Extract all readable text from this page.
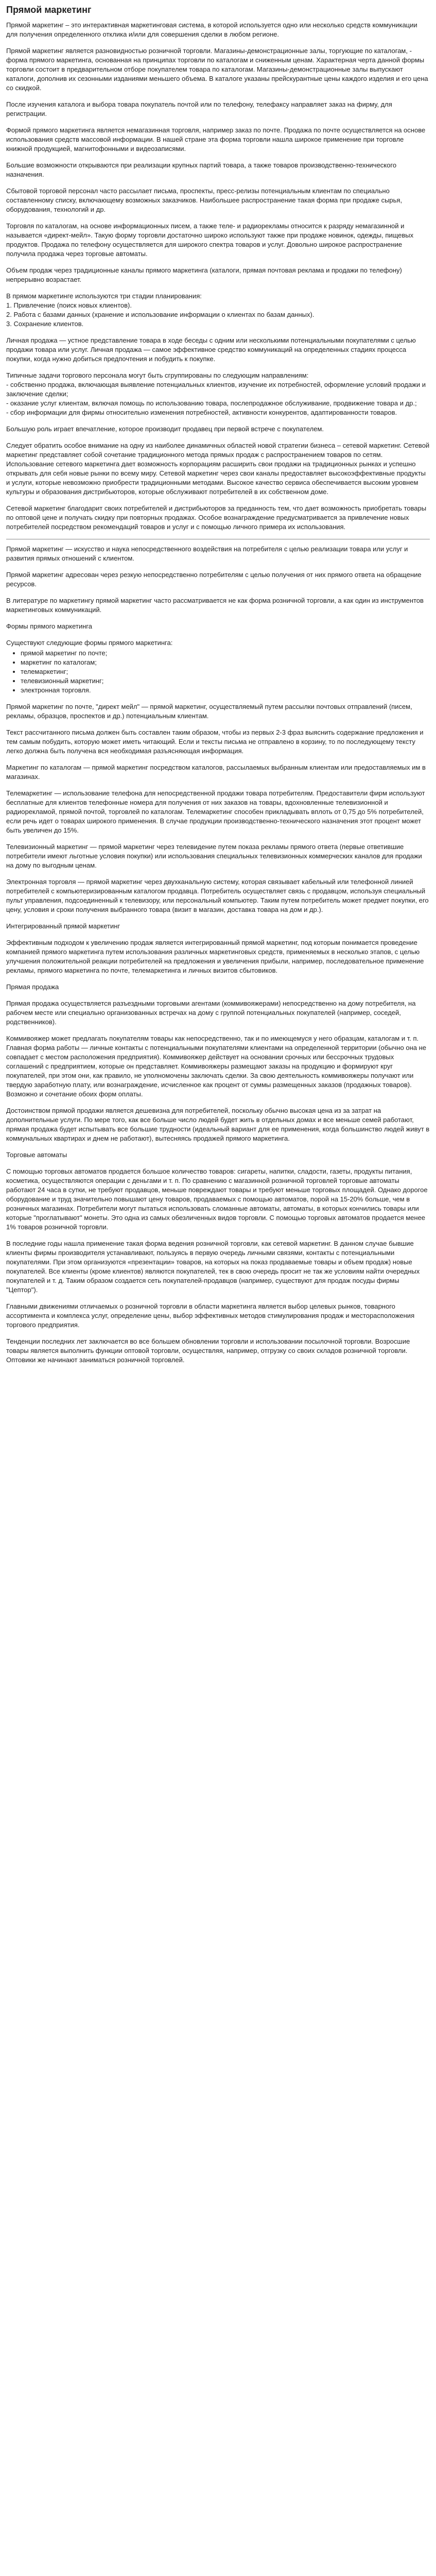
Прямой маркетинг

Прямой маркетинг – это интерактивная маркетинговая система, в которой используется одно или несколько средств коммуникации для получения определенного отклика и/или для совершения сделки в любом регионе.

Прямой маркетинг является разновидностью розничной торговли. Магазины-демонстрационные залы, торгующие по каталогам, - форма прямого маркетинга, основанная на принципах торговли по каталогам и сниженным ценам. Характерная черта данной формы торговли состоит в предварительном отборе покупателем товара по каталогам. Магазины-демонстрационные залы выпускают каталоги, дополнив их сезонными изданиями меньшего объема. В каталоге указаны прейскурантные цены каждого изделия и его цена со скидкой.

После изучения каталога и выбора товара покупатель почтой или по телефону, телефаксу направляет заказ на фирму, для регистрации.

Формой прямого маркетинга является немагазинная торговля, например заказ по почте. Продажа по почте осуществляется на основе использования средств массовой информации. В нашей стране эта форма торговли нашла широкое применение при торговле книжной продукцией, магнитофонными и видеозаписями.

Большие возможности открываются при реализации крупных партий товара, а также товаров производственно-технического назначения.

Сбытовой торговой персонал часто рассылает письма, проспекты, пресс-релизы потенциальным клиентам по специально составленному списку, включающему возможных заказчиков. Наибольшее распространение такая форма при продаже сырья, оборудования, технологий и др.

Торговля по каталогам, на основе информационных писем, а также теле- и радиорекламы относится к разряду немагазинной и называется «директ-мейл». Такую форму торговли достаточно широко используют также при продаже новинок, одежды, пищевых продуктов. Продажа по телефону осуществляется для широкого спектра товаров и услуг. Довольно широкое распространение получила продажа через торговые автоматы.

Объем продаж через традиционные каналы прямого маркетинга (каталоги, прямая почтовая реклама и продажи по телефону) непрерывно возрастает.

В прямом маркетинге используются три стадии планирования:
1. Привлечение (поиск новых клиентов).
2. Работа с базами данных (хранение и использование информации о клиентах по базам данных).
3. Сохранение клиентов.

Личная продажа — устное представление товара в ходе беседы с одним или несколькими потенциальными покупателями с целью продажи товара или услуг. Личная продажа — самое эффективное средство коммуникаций на определенных стадиях процесса покупки, когда нужно добиться предпочтения и побудить к покупке.

Типичные задачи торгового персонала могут быть сгруппированы по следующим направлениям:
- собственно продажа, включающая выявление потенциальных клиентов, изучение их потребностей, оформление условий продажи и заключение сделки;
- оказание услуг клиентам, включая помощь по использованию товара, послепродажное обслуживание, продвижение товара и др.;
- сбор информации для фирмы относительно изменения потребностей, активности конкурентов, адаптированности товаров.

Большую роль играет впечатление, которое производит продавец при первой встрече с покупателем.

Следует обратить особое внимание на одну из наиболее динамичных областей новой стратегии бизнеса – сетевой маркетинг. Сетевой маркетинг представляет собой сочетание традиционного метода прямых продаж с распространением товаров по сетям. Использование сетевого маркетинга дает возможность корпорациям расширить свои продажи на традиционных рынках и успешно открывать для себя новые рынки по всему миру. Сетевой маркетинг через свои каналы предоставляет высокоэффективные продукты и услуги, которые невозможно приобрести традиционными методами. Высокое качество сервиса обеспечивается высоким уровнем культуры и образования дистрибьюторов, которые обслуживают потребителей в их собственном доме.

Сетевой маркетинг благодарит своих потребителей и дистрибьюторов за преданность тем, что дает возможность приобретать товары по оптовой цене и получать скидку при повторных продажах. Особое вознаграждение предусматривается за привлечение новых потребителей посредством рекомендаций товаров и услуг и с помощью личного примера их использования.

Прямой маркетинг — искусство и наука непосредственного воздействия на потребителя с целью реализации товара или услуг и развития прямых отношений с клиентом.

Прямой маркетинг адресован через резкую непосредственно потребителям с целью получения от них прямого ответа на обращение ресурсов.

В литературе по маркетингу прямой маркетинг часто рассматривается не как форма розничной торговли, а как один из инструментов маркетинговых коммуникаций.

Формы прямого маркетинга

Существуют следующие формы прямого маркетинга:

• прямой маркетинг по почте;
• маркетинг по каталогам;
• телемаркетинг;
• телевизионный маркетинг;
• электронная торговля.

Прямой маркетинг по почте, "директ мейл" — прямой маркетинг, осуществляемый путем рассылки почтовых отправлений (писем, рекламы, образцов, проспектов и др.) потенциальным клиентам.

Текст рассчитанного письма должен быть составлен таким образом, чтобы из первых 2-3 фраз выяснить содержание предложения и тем самым побудить, которую может иметь читающий. Если и тексты письма не отправлено в корзину, то по последующему тексту легко должна быть получена вся необходимая разъясняющая информация.

Маркетинг по каталогам — прямой маркетинг посредством каталогов, рассылаемых выбранным клиентам или предоставляемых им в магазинах.

Телемаркетинг — использование телефона для непосредственной продажи товара потребителям. Предоставители фирм используют бесплатные для клиентов телефонные номера для получения от них заказов на товары, вдохновленные телевизионной и радиорекламой, прямой почтой, торговлей по каталогам. Телемаркетинг способен прикладывать вплоть от 0,75 до 5% потребителей, если речь идет о товарах широкого применения. В случае продукции производственно-технического назначения этот процент может быть увеличен до 15%.

Телевизионный маркетинг — прямой маркетинг через телевидение путем показа рекламы прямого ответа (первые ответившие потребители имеют льготные условия покупки) или использования специальных телевизионных коммерческих каналов для продажи на дому по выгодным ценам.

Электронная торговля — прямой маркетинг через двухканальную систему, которая связывает кабельный или телефонной линией потребителей с компьютеризированным каталогом продавца. Потребитель осуществляет связь с продавцом, используя специальный пульт управления, подсоединенный к телевизору, или персональный компьютер. Таким путем потребитель может предмет покупки, его цену, условия и сроки получения выбранного товара (визит в магазин, доставка товара на дом и др.).

Интегрированный прямой маркетинг

Эффективным подходом к увеличению продаж является интегрированный прямой маркетинг, под которым понимается проведение компанией прямого маркетинга путем использования различных маркетинговых средств, применяемых в несколько этапов, с целью улучшения положительной реакции потребителей на предложения и увеличения прибыли, например, последовательное применение рекламы, прямого маркетинга по почте, телемаркетинга и личных визитов сбытовиков.

Прямая продажа

Прямая продажа осуществляется разъездными торговыми агентами (коммивояжерами) непосредственно на дому потребителя, на рабочем месте или специально организованных встречах на дому с группой потенциальных покупателей (например, соседей, родственников).

Коммивояжер может предлагать покупателям товары как непосредственно, так и по имеющемуся у него образцам, каталогам и т. п. Главная форма работы — личные контакты с потенциальными покупателями клиентами на определенной территории (обычно она не совпадает с местом расположения предприятия). Коммивояжер действует на основании срочных или бессрочных трудовых соглашений с предприятием, которые он представляет. Коммивояжеры размещают заказы на продукцию и формируют круг покупателей, при этом они, как правило, не уполномочены заключать сделки. За свою деятельность коммивояжеры получают или твердую заработную плату, или вознаграждение, исчисленное как процент от суммы размещенных заказов (продажных товаров). Возможно и сочетание обоих форм оплаты.

Достоинством прямой продажи является дешевизна для потребителей, поскольку обычно высокая цена из за затрат на дополнительные услуги. По мере того, как все больше число людей будет жить в отдельных домах и все меньше семей работают, прямая продажа будет испытывать все большие трудности (идеальный вариант для ее применения, когда большинство людей живут в коммунальных квартирах и днем не работают), вытесняясь продажей прямого маркетинга.

Торговые автоматы

С помощью торговых автоматов продается большое количество товаров: сигареты, напитки, сладости, газеты, продукты питания, косметика, осуществляются операции с деньгами и т. п. По сравнению с магазинной розничной торговлей торговые автоматы работают 24 часа в сутки, не требуют продавцов, меньше повреждают товары и требуют меньше торговых площадей. Однако дорогое оборудование и труд значительно повышают цену товаров, продаваемых с помощью автоматов, порой на 15-20% больше, чем в розничных магазинах. Потребители могут пытаться использовать сломанные автоматы, автоматы, в которых кончились товары или которые "проглатывают" монеты. Это одна из самых обезличенных видов торговли. С помощью торговых автоматов продается менее 1% товаров розничной торговли.

В последние годы нашла применение такая форма ведения розничной торговли, как сетевой маркетинг. В данном случае бывшие клиенты фирмы производителя устанавливают, пользуясь в первую очередь личными связями, контакты с потенциальными покупателями. При этом организуются «презентации» товаров, на которых на показ продаваемые товары и объем продаж) новые покупателей. Все клиенты (кроме клиентов) являются покупателей, тек в свою очередь просит не так же условиям найти очередных покупателей и т. д. Таким образом создается сеть покупателей-продавцов (например, существуют для продаж посуды фирмы "Цептор").

Главными движениями отличаемых о розничной торговли в области маркетинга является выбор целевых рынков, товарного ассортимента и комплекса услуг, определение цены, выбор эффективных методов стимулирования продаж и месторасположения торгового предприятия.

Тенденции последних лет заключается во все большем обновлении торговли и использовании посылочной торговли. Возросшие товары является выполнить функции оптовой торговли, осуществляя, например, отгрузку со своих складов розничной торговли. Оптовики же начинают заниматься розничной торговлей.
